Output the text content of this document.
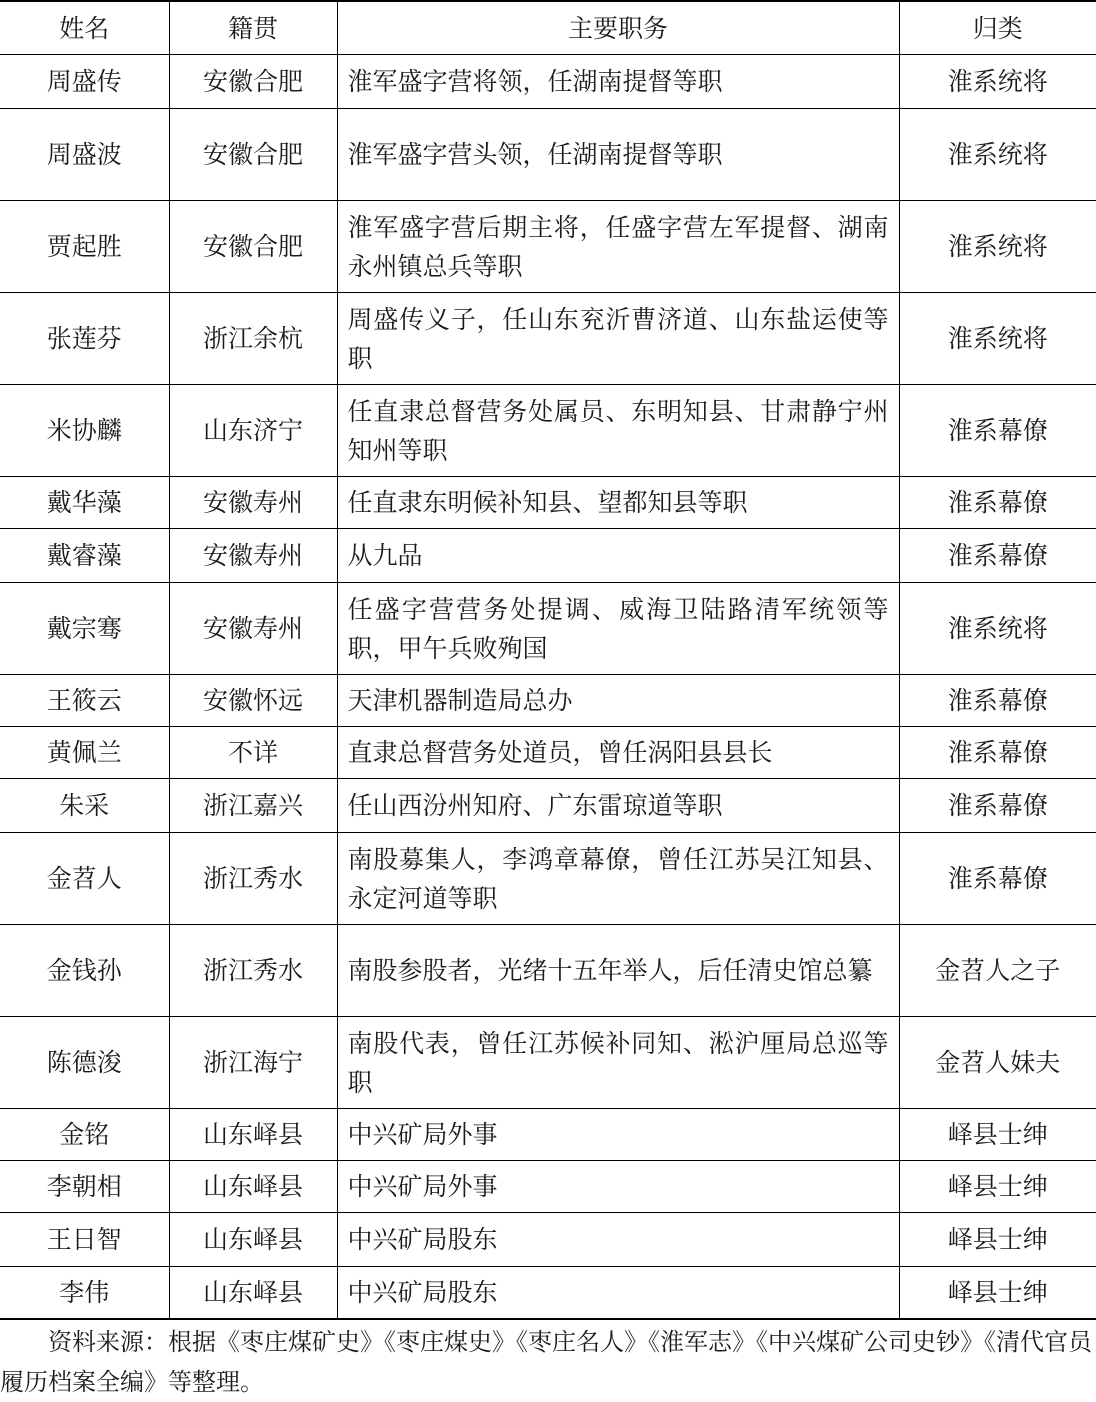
姓名	籍贯	主要职务	归类
周盛传	安徽合肥	淮军盛字营将领，任湖南提督等职	淮系统将
周盛波	安徽合肥	淮军盛字营头领，任湖南提督等职	淮系统将
贾起胜	安徽合肥	淮军盛字营后期主将，任盛字营左军提督、湖南永州镇总兵等职	淮系统将
张莲芬	浙江余杭	周盛传义子，任山东兖沂曹济道、山东盐运使等职	淮系统将
米协麟	山东济宁	任直隶总督营务处属员、东明知县、甘肃静宁州知州等职	淮系幕僚
戴华藻	安徽寿州	任直隶东明候补知县、望都知县等职	淮系幕僚
戴睿藻	安徽寿州	从九品	淮系幕僚
戴宗骞	安徽寿州	任盛字营营务处提调、威海卫陆路清军统领等职，甲午兵败殉国	淮系统将
王筱云	安徽怀远	天津机器制造局总办	淮系幕僚
黄佩兰	不详	直隶总督营务处道员，曾任涡阳县县长	淮系幕僚
朱采	浙江嘉兴	任山西汾州知府、广东雷琼道等职	淮系幕僚
金苕人	浙江秀水	南股募集人，李鸿章幕僚，曾任江苏吴江知县、永定河道等职	淮系幕僚
金钱孙	浙江秀水	南股参股者，光绪十五年举人，后任清史馆总纂	金苕人之子
陈德浚	浙江海宁	南股代表，曾任江苏候补同知、淞沪厘局总巡等职	金苕人妹夫
金铭	山东峄县	中兴矿局外事	峄县士绅
李朝相	山东峄县	中兴矿局外事	峄县士绅
王日智	山东峄县	中兴矿局股东	峄县士绅
李伟	山东峄县	中兴矿局股东	峄县士绅
资料来源：根据《枣庄煤矿史》《枣庄煤史》《枣庄名人》《淮军志》《中兴煤矿公司史钞》《清代官员履历档案全编》等整理。
